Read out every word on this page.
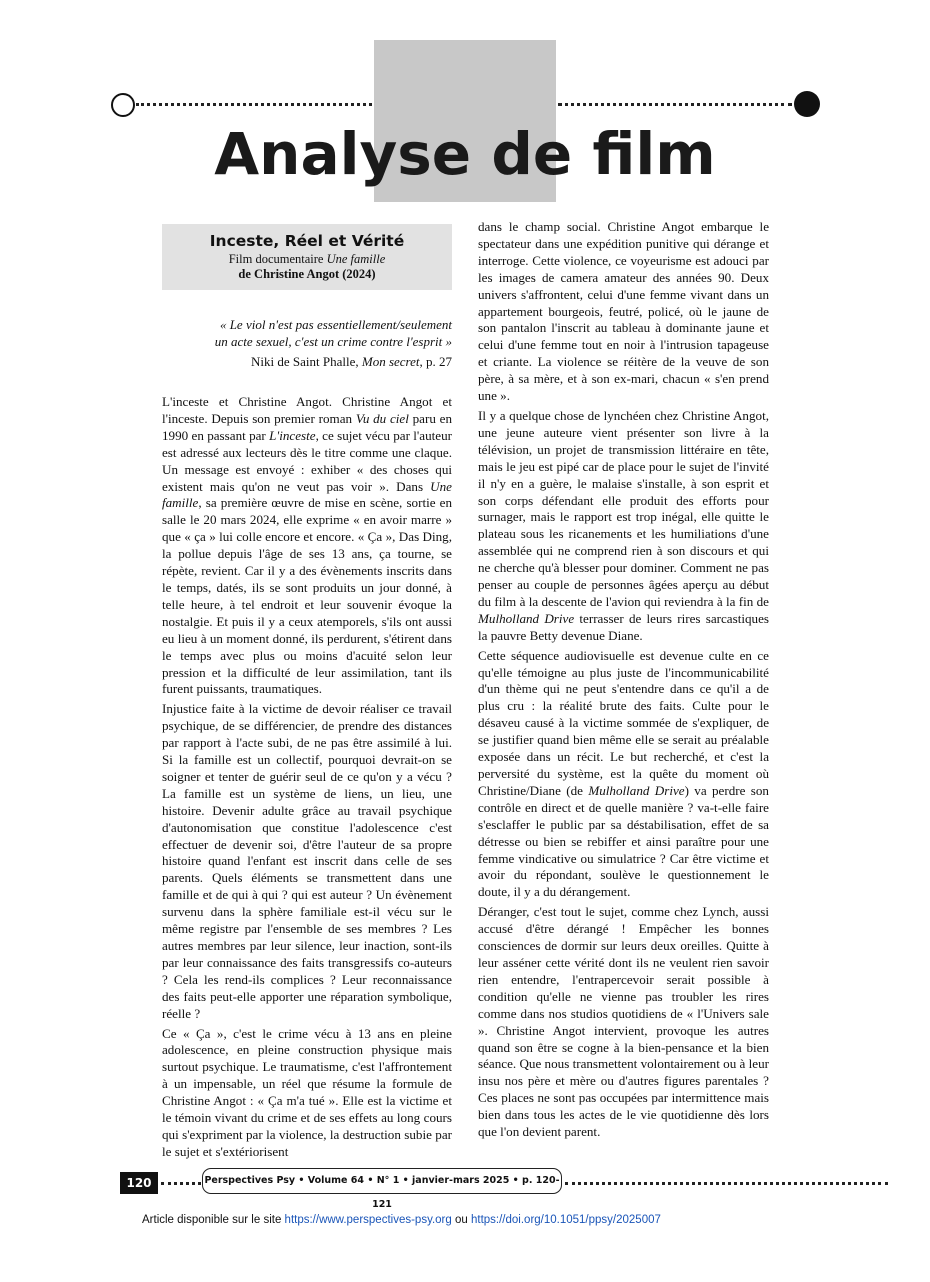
Analyse de film
Inceste, Réel et Vérité
Film documentaire Une famille
de Christine Angot (2024)
« Le viol n'est pas essentiellement/seulement
un acte sexuel, c'est un crime contre l'esprit »
Niki de Saint Phalle, Mon secret, p. 27

L'inceste et Christine Angot. Christine Angot et l'inceste. Depuis son premier roman Vu du ciel paru en 1990 en passant par L'inceste, ce sujet vécu par l'auteur est adressé aux lecteurs dès le titre comme une claque. Un message est envoyé : exhiber « des choses qui existent mais qu'on ne veut pas voir ». Dans Une famille, sa première œuvre de mise en scène, sortie en salle le 20 mars 2024, elle exprime « en avoir marre » que « ça » lui colle encore et encore. « Ça », Das Ding, la pollue depuis l'âge de ses 13 ans, ça tourne, se répète, revient. Car il y a des évènements inscrits dans le temps, datés, ils se sont produits un jour donné, à telle heure, à tel endroit et leur souvenir évoque la nostalgie. Et puis il y a ceux atemporels, s'ils ont aussi eu lieu à un moment donné, ils perdurent, s'étirent dans le temps avec plus ou moins d'acuité selon leur pression et la difficulté de leur assimilation, tant ils furent puissants, traumatiques.

Injustice faite à la victime de devoir réaliser ce travail psychique, de se différencier, de prendre des distances par rapport à l'acte subi, de ne pas être assimilé à lui. Si la famille est un collectif, pourquoi devrait-on se soigner et tenter de guérir seul de ce qu'on y a vécu ? La famille est un système de liens, un lieu, une histoire. Devenir adulte grâce au travail psychique d'autonomisation que constitue l'adolescence c'est effectuer de devenir soi, d'être l'auteur de sa propre histoire quand l'enfant est inscrit dans celle de ses parents. Quels éléments se transmettent dans une famille et de qui à qui ? qui est auteur ? Un évènement survenu dans la sphère familiale est-il vécu sur le même registre par l'ensemble de ses membres ? Les autres membres par leur silence, leur inaction, sont-ils par leur connaissance des faits transgressifs co-auteurs ? Cela les rend-ils complices ? Leur reconnaissance des faits peut-elle apporter une réparation symbolique, réelle ?

Ce « Ça », c'est le crime vécu à 13 ans en pleine adolescence, en pleine construction physique mais surtout psychique. Le traumatisme, c'est l'affrontement à un impensable, un réel que résume la formule de Christine Angot : « Ça m'a tué ». Elle est la victime et le témoin vivant du crime et de ses effets au long cours qui s'expriment par la violence, la destruction subie par le sujet et s'extériorisent

dans le champ social. Christine Angot embarque le spectateur dans une expédition punitive qui dérange et interroge. Cette violence, ce voyeurisme est adouci par les images de camera amateur des années 90. Deux univers s'affrontent, celui d'une femme vivant dans un appartement bourgeois, feutré, policé, où le jaune de son pantalon l'inscrit au tableau à dominante jaune et celui d'une femme tout en noir à l'intrusion tapageuse et criante. La violence se réitère de la veuve de son père, à sa mère, et à son ex-mari, chacun « s'en prend une ».

Il y a quelque chose de lynchéen chez Christine Angot, une jeune auteure vient présenter son livre à la télévision, un projet de transmission littéraire en tête, mais le jeu est pipé car de place pour le sujet de l'invité il n'y en a guère, le malaise s'installe, à son esprit et son corps défendant elle produit des efforts pour surnager, mais le rapport est trop inégal, elle quitte le plateau sous les ricanements et les humiliations d'une assemblée qui ne comprend rien à son discours et qui ne cherche qu'à blesser pour dominer. Comment ne pas penser au couple de personnes âgées aperçu au début du film à la descente de l'avion qui reviendra à la fin de Mulholland Drive terrasser de leurs rires sarcastiques la pauvre Betty devenue Diane.

Cette séquence audiovisuelle est devenue culte en ce qu'elle témoigne au plus juste de l'incommunicabilité d'un thème qui ne peut s'entendre dans ce qu'il a de plus cru : la réalité brute des faits. Culte pour le désaveu causé à la victime sommée de s'expliquer, de se justifier quand bien même elle se serait au préalable exposée dans un récit. Le but recherché, et c'est la perversité du système, est la quête du moment où Christine/Diane (de Mulholland Drive) va perdre son contrôle en direct et de quelle manière ? va-t-elle faire s'esclaffer le public par sa déstabilisation, effet de sa détresse ou bien se rebiffer et ainsi paraître pour une femme vindicative ou simulatrice ? Car être victime et avoir du répondant, soulève le questionnement le doute, il y a du dérangement.

Déranger, c'est tout le sujet, comme chez Lynch, aussi accusé d'être dérangé ! Empêcher les bonnes consciences de dormir sur leurs deux oreilles. Quitte à leur asséner cette vérité dont ils ne veulent rien savoir rien entendre, l'entrapercevoir serait possible à condition qu'elle ne vienne pas troubler les rires comme dans nos studios quotidiens de « l'Univers sale ». Christine Angot intervient, provoque les autres quand son être se cogne à la bien-pensance et la bien séance. Que nous transmettent volontairement ou à leur insu nos père et mère ou d'autres figures parentales ? Ces places ne sont pas occupées par intermittence mais bien dans tous les actes de le vie quotidienne dès lors que l'on devient parent.

120	Perspectives Psy • Volume 64 • N° 1 • janvier-mars 2025 • p. 120-121
Article disponible sur le site https://www.perspectives-psy.org ou https://doi.org/10.1051/ppsy/2025007
